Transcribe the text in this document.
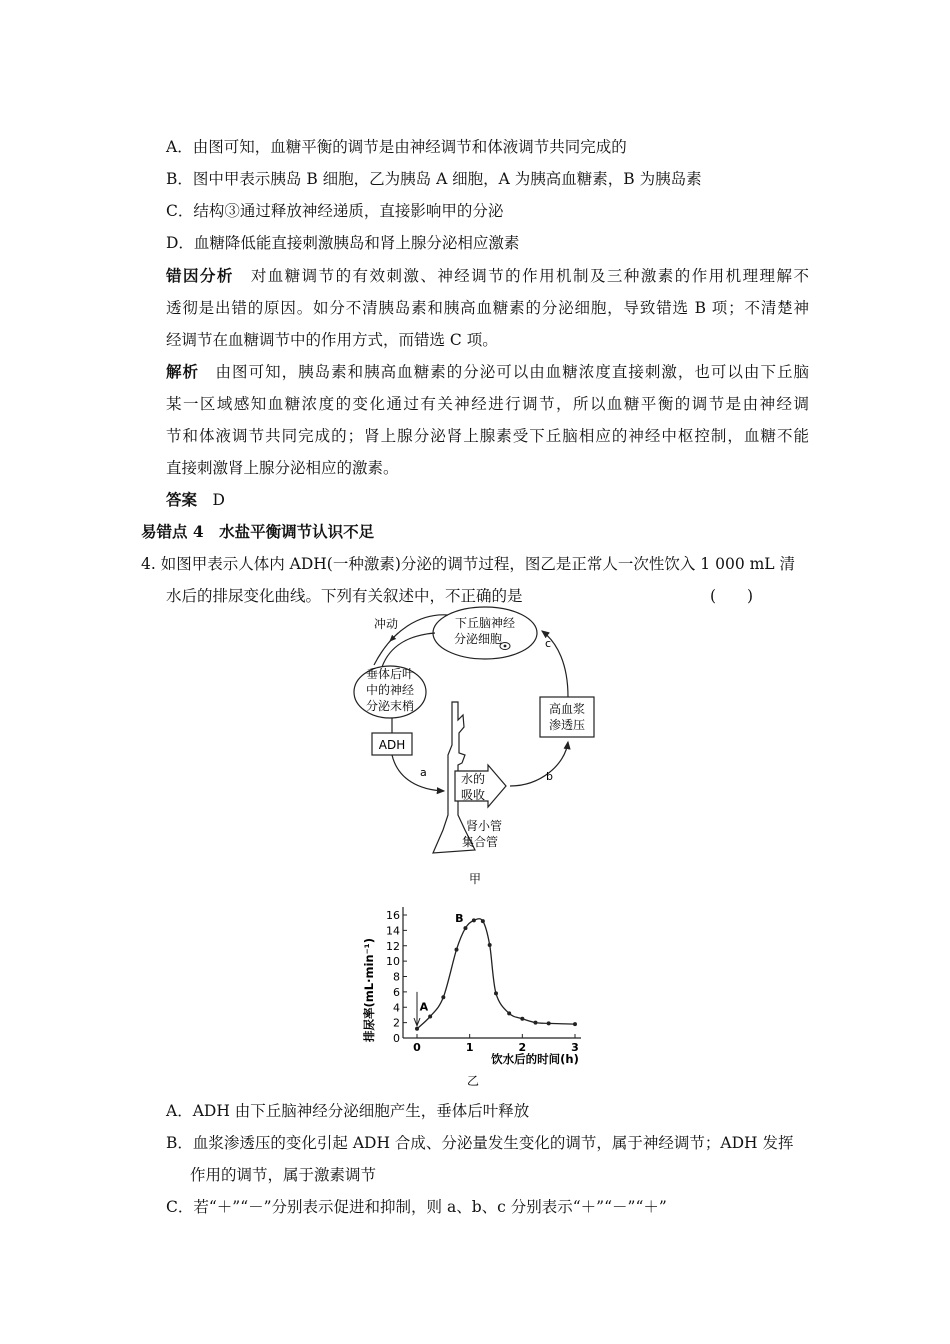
A．由图可知，血糖平衡的调节是由神经调节和体液调节共同完成的
B．图中甲表示胰岛 B 细胞，乙为胰岛 A 细胞，A 为胰高血糖素，B 为胰岛素
C．结构③通过释放神经递质，直接影响甲的分泌
D．血糖降低能直接刺激胰岛和肾上腺分泌相应激素
错因分析　 对血糖调节的有效刺激、神经调节的作用机制及三种激素的作用机理理解不
透彻是出错的原因。如分不清胰岛素和胰高血糖素的分泌细胞，导致错选 B 项；不清楚神
经调节在血糖调节中的作用方式，而错选 C 项。
解析　 由图可知，胰岛素和胰高血糖素的分泌可以由血糖浓度直接刺激，也可以由下丘脑
某一区域感知血糖浓度的变化通过有关神经进行调节，所以血糖平衡的调节是由神经调
节和体液调节共同完成的；肾上腺分泌肾上腺素受下丘脑相应的神经中枢控制，血糖不能
直接刺激肾上腺分泌相应的激素。
答案　 D
易错点 4　水盐平衡调节认识不足
4. 如图甲表示人体内 ADH(一种激素)分泌的调节过程，图乙是正常人一次性饮入 1 000 mL 清
水后的排尿变化曲线。下列有关叙述中，不正确的是	(　　)
下丘脑神经
分泌细胞
冲动
垂体后叶
中的神经
分泌末梢
ADH
a	水的
吸收
肾小管
集合管
b
高血浆
渗透压
c
甲
0
2
4
6
8
10
12
14
16
0	1	2	3
A
B
排尿率(mL·min⁻¹)
饮水后的时间(h)
乙
A．ADH 由下丘脑神经分泌细胞产生，垂体后叶释放
B．血浆渗透压的变化引起 ADH 合成、分泌量发生变化的调节，属于神经调节；ADH 发挥
作用的调节，属于激素调节
C．若“＋”“－”分别表示促进和抑制，则 a、b、c 分别表示“＋”“－”“＋”
